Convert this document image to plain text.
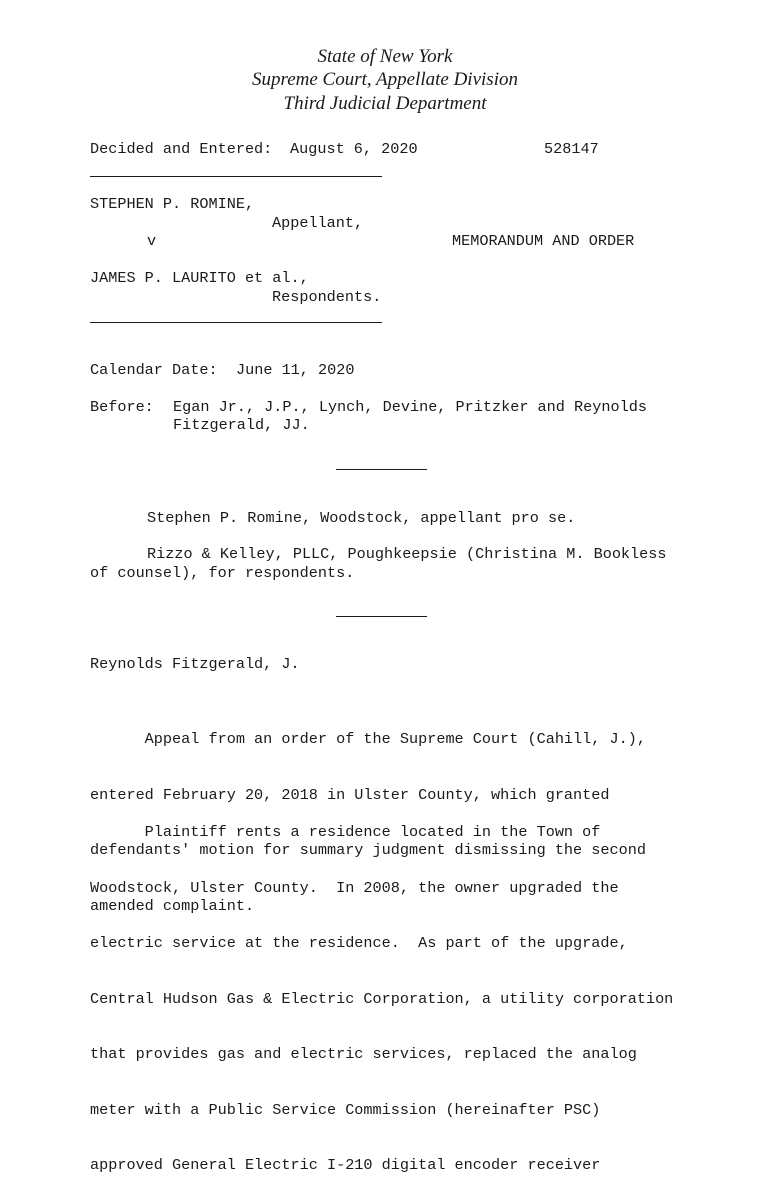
State of New York
Supreme Court, Appellate Division
Third Judicial Department
Decided and Entered: August 6, 2020	528147
STEPHEN P. ROMINE,
Appellant,
v	MEMORANDUM AND ORDER
JAMES P. LAURITO et al.,
Respondents.
Calendar Date: June 11, 2020
Before: Egan Jr., J.P., Lynch, Devine, Pritzker and Reynolds
Fitzgerald, JJ.
Stephen P. Romine, Woodstock, appellant pro se.
Rizzo & Kelley, PLLC, Poughkeepsie (Christina M. Bookless
of counsel), for respondents.
Reynolds Fitzgerald, J.

Appeal from an order of the Supreme Court (Cahill, J.),

entered February 20, 2018 in Ulster County, which granted

defendants' motion for summary judgment dismissing the second

amended complaint.

Plaintiff rents a residence located in the Town of

Woodstock, Ulster County.  In 2008, the owner upgraded the

electric service at the residence.  As part of the upgrade,

Central Hudson Gas & Electric Corporation, a utility corporation

that provides gas and electric services, replaced the analog

meter with a Public Service Commission (hereinafter PSC)

approved General Electric I-210 digital encoder receiver
